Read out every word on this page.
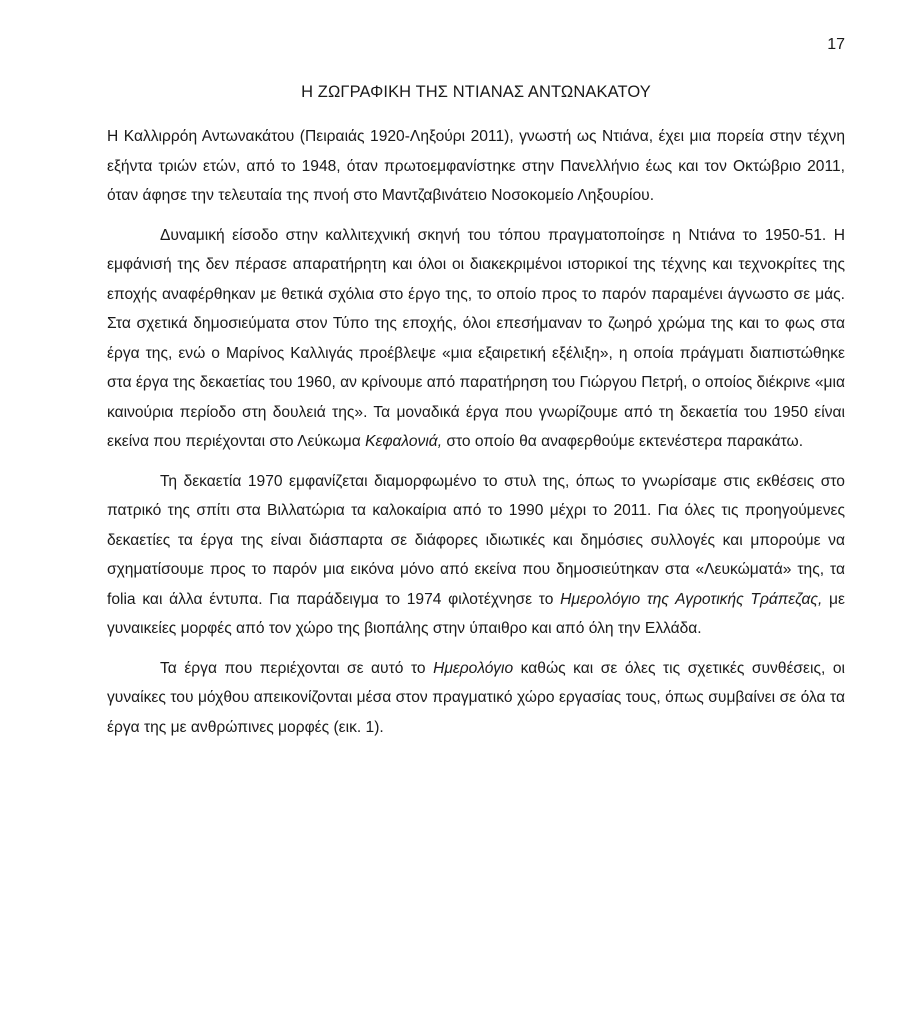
17
Η ΖΩΓΡΑΦΙΚΗ ΤΗΣ ΝΤΙΑΝΑΣ ΑΝΤΩΝΑΚΑΤΟΥ

Η Καλλιρρόη Αντωνακάτου (Πειραιάς 1920-Ληξούρι 2011), γνωστή ως Ντιάνα, έχει μια πορεία στην τέχνη εξήντα τριών ετών, από το 1948, όταν πρωτοεμφανίστηκε στην Πανελλήνιο έως και τον Οκτώβριο 2011, όταν άφησε την τελευταία της πνοή στο Μαντζαβινάτειο Νοσοκομείο Ληξουρίου.

Δυναμική είσοδο στην καλλιτεχνική σκηνή του τόπου πραγματοποίησε η Ντιάνα το 1950-51. Η εμφάνισή της δεν πέρασε απαρατήρητη και όλοι οι διακεκριμένοι ιστορικοί της τέχνης και τεχνοκρίτες της εποχής αναφέρθηκαν με θετικά σχόλια στο έργο της, το οποίο προς το παρόν παραμένει άγνωστο σε μάς. Στα σχετικά δημοσιεύματα στον Τύπο της εποχής, όλοι επεσήμαναν το ζωηρό χρώμα της και το φως στα έργα της, ενώ ο Μαρίνος Καλλιγάς προέβλεψε «μια εξαιρετική εξέλιξη», η οποία πράγματι διαπιστώθηκε στα έργα της δεκαετίας του 1960, αν κρίνουμε από παρατήρηση του Γιώργου Πετρή, ο οποίος διέκρινε «μια καινούρια περίοδο στη δουλειά της». Τα μοναδικά έργα που γνωρίζουμε από τη δεκαετία του 1950 είναι εκείνα που περιέχονται στο Λεύκωμα Κεφαλονιά, στο οποίο θα αναφερθούμε εκτενέστερα παρακάτω.

Τη δεκαετία 1970 εμφανίζεται διαμορφωμένο το στυλ της, όπως το γνωρίσαμε στις εκθέσεις στο πατρικό της σπίτι στα Βιλλατώρια τα καλοκαίρια από το 1990 μέχρι το 2011. Για όλες τις προηγούμενες δεκαετίες τα έργα της είναι διάσπαρτα σε διάφορες ιδιωτικές και δημόσιες συλλογές και μπορούμε να σχηματίσουμε προς το παρόν μια εικόνα μόνο από εκείνα που δημοσιεύτηκαν στα «Λευκώματά» της, τα folia και άλλα έντυπα. Για παράδειγμα το 1974 φιλοτέχνησε το Ημερολόγιο της Αγροτικής Τράπεζας, με γυναικείες μορφές από τον χώρο της βιοπάλης στην ύπαιθρο και από όλη την Ελλάδα.

Τα έργα που περιέχονται σε αυτό το Ημερολόγιο καθώς και σε όλες τις σχετικές συνθέσεις, οι γυναίκες του μόχθου απεικονίζονται μέσα στον πραγματικό χώρο εργασίας τους, όπως συμβαίνει σε όλα τα έργα της με ανθρώπινες μορφές (εικ. 1).
